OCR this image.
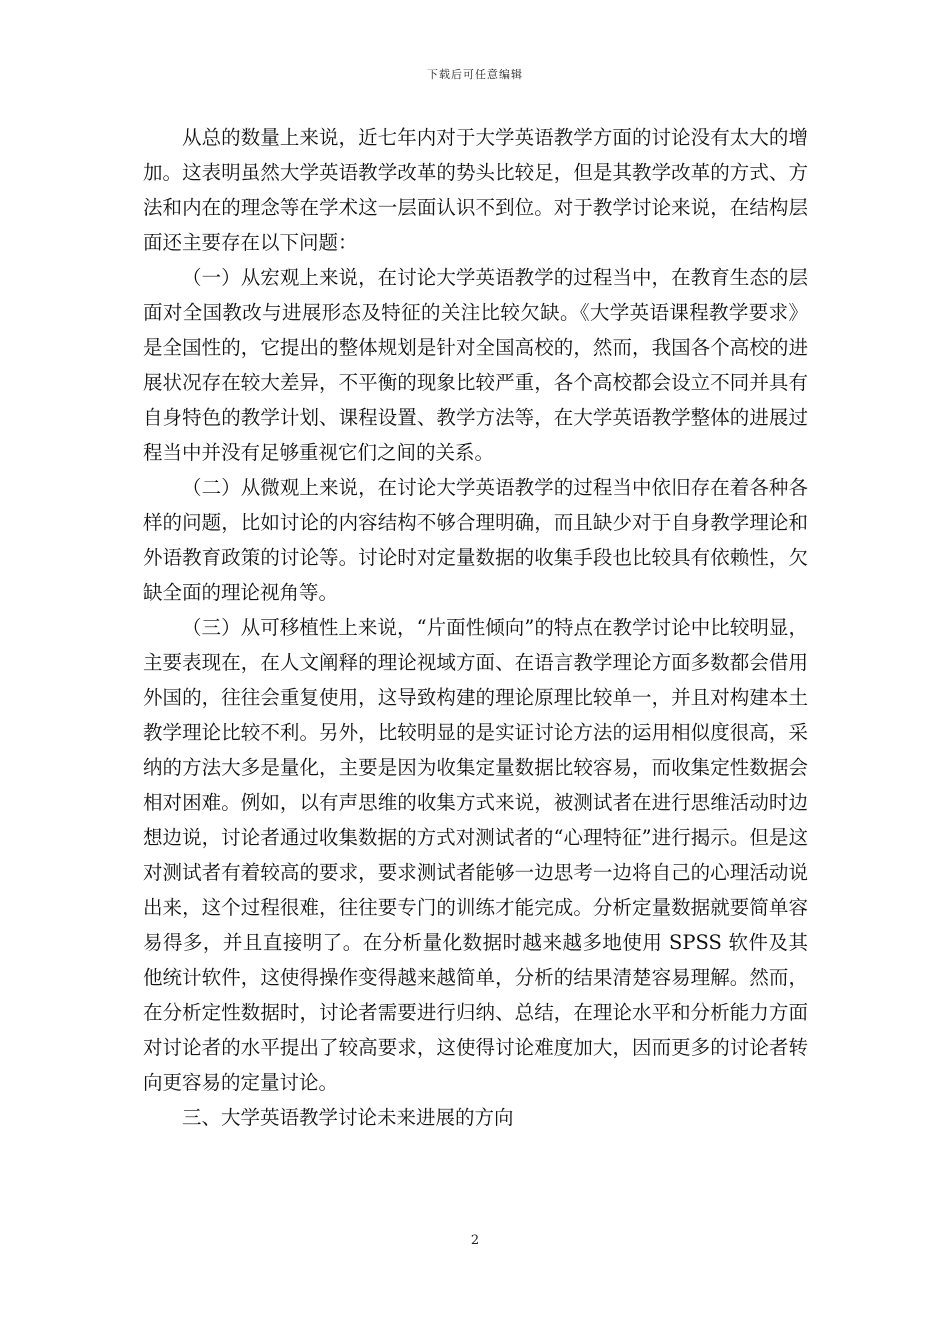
下载后可任意编辑

从总的数量上来说，近七年内对于大学英语教学方面的讨论没有太大的增加。这表明虽然大学英语教学改革的势头比较足，但是其教学改革的方式、方法和内在的理念等在学术这一层面认识不到位。对于教学讨论来说，在结构层面还主要存在以下问题：

（一）从宏观上来说，在讨论大学英语教学的过程当中，在教育生态的层面对全国教改与进展形态及特征的关注比较欠缺。《大学英语课程教学要求》是全国性的，它提出的整体规划是针对全国高校的，然而，我国各个高校的进展状况存在较大差异，不平衡的现象比较严重，各个高校都会设立不同并具有自身特色的教学计划、课程设置、教学方法等，在大学英语教学整体的进展过程当中并没有足够重视它们之间的关系。

（二）从微观上来说，在讨论大学英语教学的过程当中依旧存在着各种各样的问题，比如讨论的内容结构不够合理明确，而且缺少对于自身教学理论和外语教育政策的讨论等。讨论时对定量数据的收集手段也比较具有依赖性，欠缺全面的理论视角等。

（三）从可移植性上来说，“片面性倾向”的特点在教学讨论中比较明显，主要表现在，在人文阐释的理论视域方面、在语言教学理论方面多数都会借用外国的，往往会重复使用，这导致构建的理论原理比较单一，并且对构建本土教学理论比较不利。另外，比较明显的是实证讨论方法的运用相似度很高，采纳的方法大多是量化，主要是因为收集定量数据比较容易，而收集定性数据会相对困难。例如，以有声思维的收集方式来说，被测试者在进行思维活动时边想边说，讨论者通过收集数据的方式对测试者的“心理特征”进行揭示。但是这对测试者有着较高的要求，要求测试者能够一边思考一边将自己的心理活动说出来，这个过程很难，往往要专门的训练才能完成。分析定量数据就要简单容易得多，并且直接明了。在分析量化数据时越来越多地使用 SPSS 软件及其他统计软件，这使得操作变得越来越简单，分析的结果清楚容易理解。然而，在分析定性数据时，讨论者需要进行归纳、总结，在理论水平和分析能力方面对讨论者的水平提出了较高要求，这使得讨论难度加大，因而更多的讨论者转向更容易的定量讨论。

三、大学英语教学讨论未来进展的方向

2
